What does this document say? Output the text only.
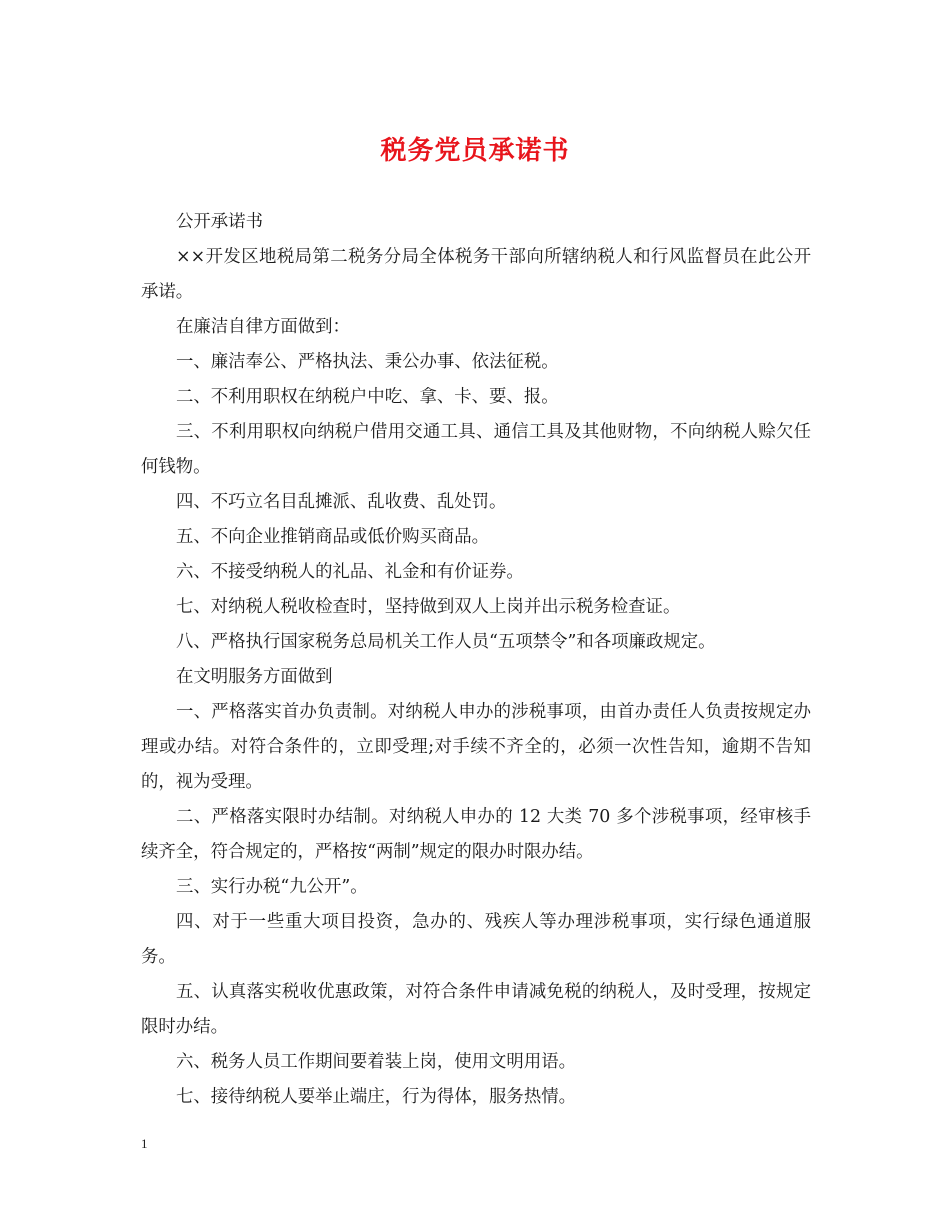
税务党员承诺书

公开承诺书

××开发区地税局第二税务分局全体税务干部向所辖纳税人和行风监督员在此公开承诺。

在廉洁自律方面做到：

一、廉洁奉公、严格执法、秉公办事、依法征税。

二、不利用职权在纳税户中吃、拿、卡、要、报。

三、不利用职权向纳税户借用交通工具、通信工具及其他财物，不向纳税人赊欠任何钱物。

四、不巧立名目乱摊派、乱收费、乱处罚。

五、不向企业推销商品或低价购买商品。

六、不接受纳税人的礼品、礼金和有价证券。

七、对纳税人税收检查时，坚持做到双人上岗并出示税务检查证。

八、严格执行国家税务总局机关工作人员“五项禁令”和各项廉政规定。

在文明服务方面做到

一、严格落实首办负责制。对纳税人申办的涉税事项，由首办责任人负责按规定办理或办结。对符合条件的，立即受理;对手续不齐全的，必须一次性告知，逾期不告知的，视为受理。

二、严格落实限时办结制。对纳税人申办的 12 大类 70 多个涉税事项，经审核手续齐全，符合规定的，严格按“两制”规定的限办时限办结。

三、实行办税“九公开”。

四、对于一些重大项目投资，急办的、残疾人等办理涉税事项，实行绿色通道服务。

五、认真落实税收优惠政策，对符合条件申请减免税的纳税人，及时受理，按规定限时办结。

六、税务人员工作期间要着装上岗，使用文明用语。

七、接待纳税人要举止端庄，行为得体，服务热情。

1
